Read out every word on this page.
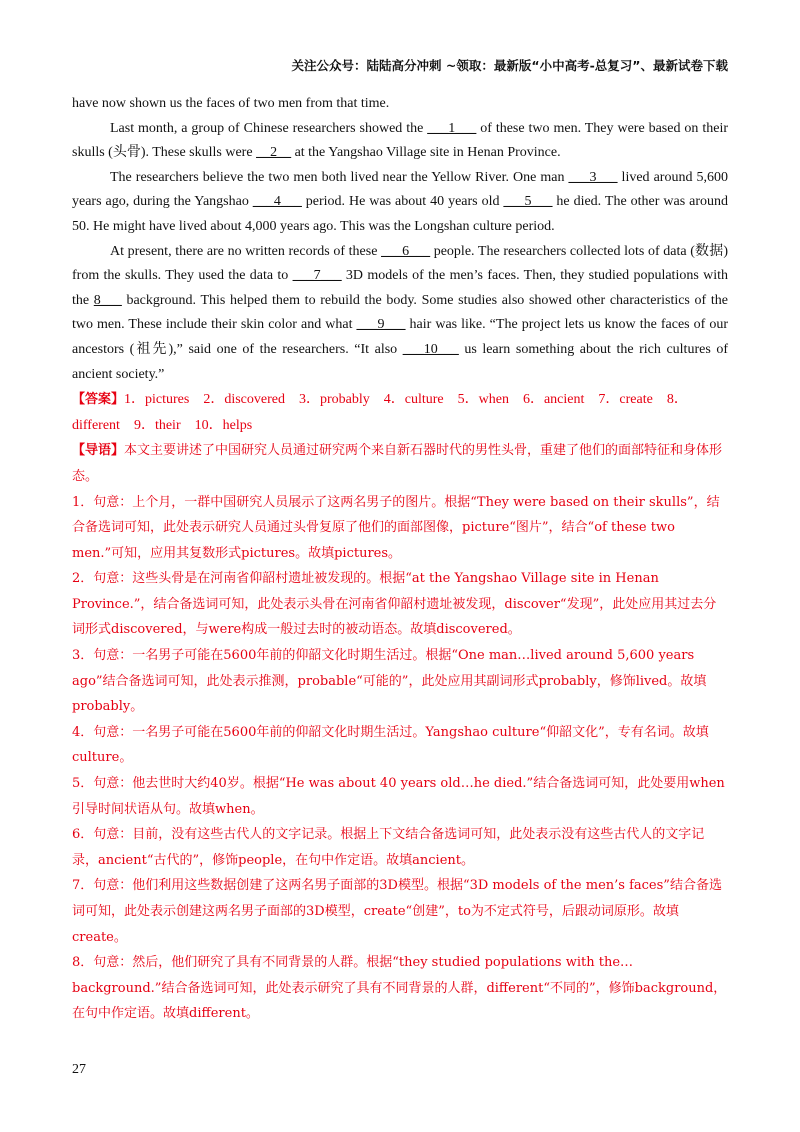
关注公众号：陆陆高分冲刺 ~领取：最新版“小中高考-总复习”、最新试卷下载

have now shown us the faces of two men from that time.

Last month, a group of Chinese researchers showed the ___1___ of these two men. They were based on their skulls (头骨). These skulls were __2__ at the Yangshao Village site in Henan Province.

The researchers believe the two men both lived near the Yellow River. One man ___3___ lived around 5,600 years ago, during the Yangshao ___4___ period. He was about 40 years old ___5___ he died. The other was around 50. He might have lived about 4,000 years ago. This was the Longshan culture period.

At present, there are no written records of these ___6___ people. The researchers collected lots of data (数据) from the skulls. They used the data to ___7___ 3D models of the men’s faces. Then, they studied populations with the 8___ background. This helped them to rebuild the body. Some studies also showed other characteristics of the two men. These include their skin color and what ___9___ hair was like. “The project lets us know the faces of our ancestors (祖先),” said one of the researchers. “It also ___10___ us learn something about the rich cultures of ancient society.”

【答案】1．pictures 2．discovered 3．probably 4．culture 5．when 6．ancient 7．create 8．different 9．their 10．helps

【导语】本文主要讲述了中国研究人员通过研究两个来自新石器时代的男性头骨，重建了他们的面部特征和身体形态。

1．句意：上个月，一群中国研究人员展示了这两名男子的图片。根据“They were based on their skulls”，结合备选词可知，此处表示研究人员通过头骨复原了他们的面部图像，picture“图片”，结合“of these two men.”可知，应用其复数形式pictures。故填pictures。

2．句意：这些头骨是在河南省仰韶村遗址被发现的。根据“at the Yangshao Village site in Henan Province.”，结合备选词可知，此处表示头骨在河南省仰韶村遗址被发现，discover“发现”，此处应用其过去分词形式discovered，与were构成一般过去时的被动语态。故填discovered。

3．句意：一名男子可能在5600年前的仰韶文化时期生活过。根据“One man…lived around 5,600 years ago”结合备选词可知，此处表示推测，probable“可能的”，此处应用其副词形式probably，修饰lived。故填probably。

4．句意：一名男子可能在5600年前的仰韶文化时期生活过。Yangshao culture“仰韶文化”，专有名词。故填culture。

5．句意：他去世时大约40岁。根据“He was about 40 years old…he died.”结合备选词可知，此处要用when引导时间状语从句。故填when。

6．句意：目前，没有这些古代人的文字记录。根据上下文结合备选词可知，此处表示没有这些古代人的文字记录，ancient“古代的”，修饰people，在句中作定语。故填ancient。

7．句意：他们利用这些数据创建了这两名男子面部的3D模型。根据“3D models of the men’s faces”结合备选词可知，此处表示创建这两名男子面部的3D模型，create“创建”，to为不定式符号，后跟动词原形。故填create。

8．句意：然后，他们研究了具有不同背景的人群。根据“they studied populations with the…background.”结合备选词可知，此处表示研究了具有不同背景的人群，different“不同的”，修饰background，在句中作定语。故填different。

27
